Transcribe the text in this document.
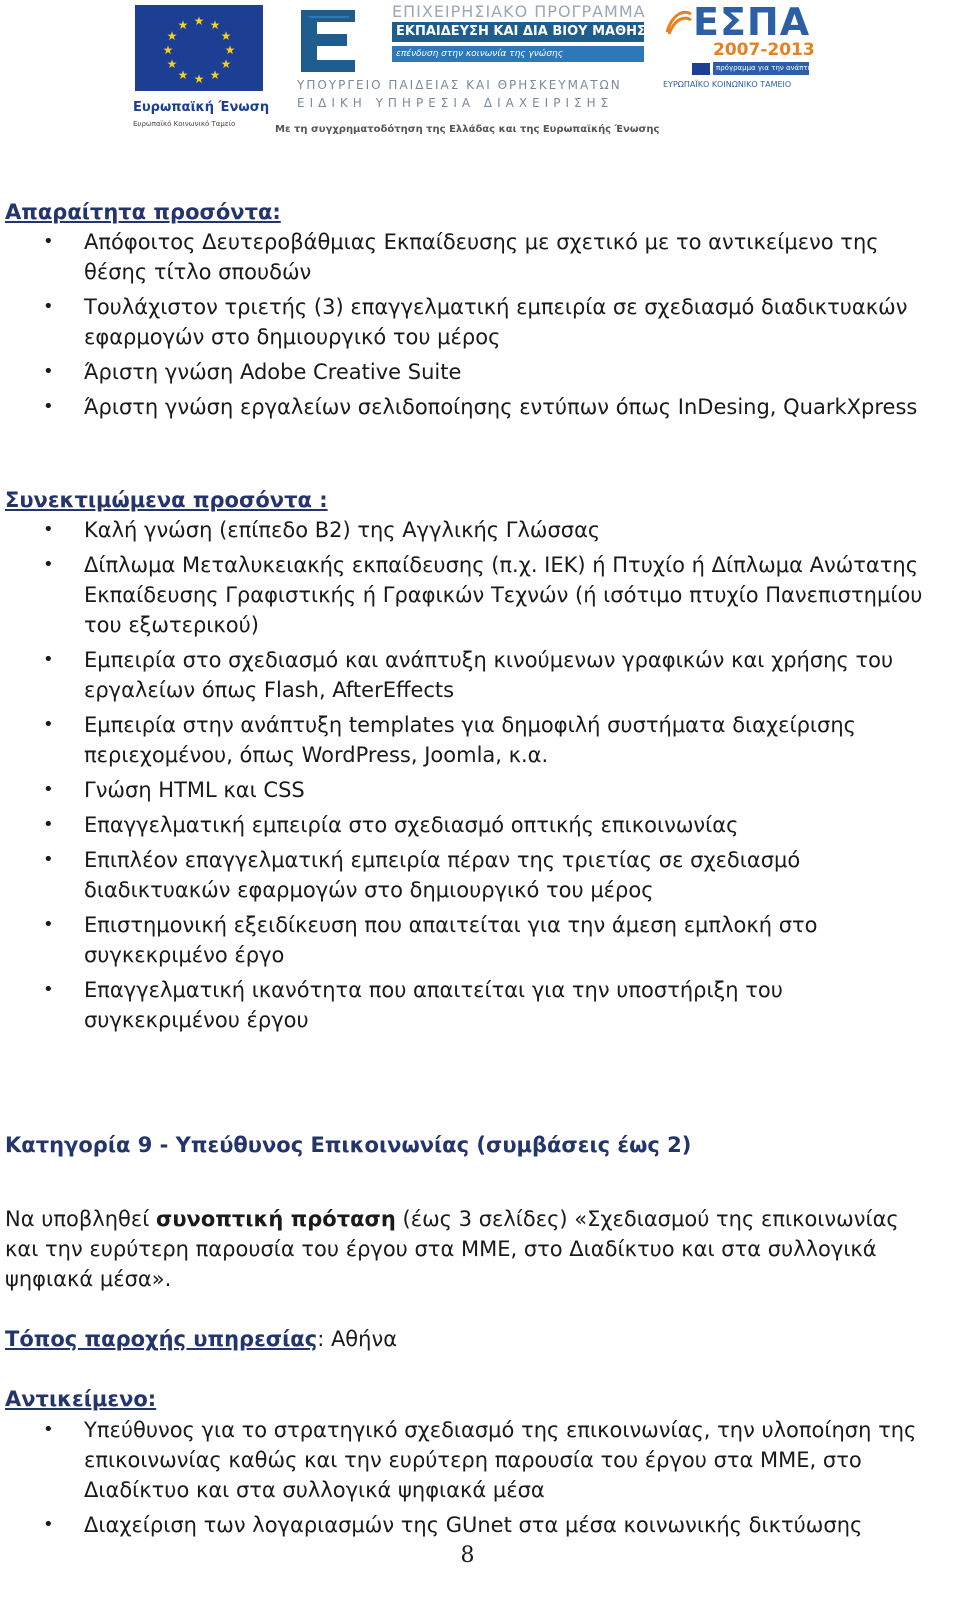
★ ★
★
★
★
★
★
★
★
★
★
★
Ευρωπαϊκή Ένωση
Ευρωπαϊκό Κοινωνικό Ταμείο
ΕΠΙΧΕΙΡΗΣΙΑΚΟ ΠΡΟΓΡΑΜΜΑ
ΕΚΠΑΙΔΕΥΣΗ ΚΑΙ ΔΙΑ ΒΙΟΥ ΜΑΘΗΣΗ
επένδυση στην κοινωνία της γνώσης
ΥΠΟΥΡΓΕΙΟ ΠΑΙΔΕΙΑΣ ΚΑΙ ΘΡΗΣΚΕΥΜΑΤΩΝ
ΕΙΔΙΚΗ ΥΠΗΡΕΣΙΑ ΔΙΑΧΕΙΡΙΣΗΣ
Με τη συγχρηματοδότηση της Ελλάδας και της Ευρωπαϊκής Ένωσης
ΕΣΠΑ
2007-2013
πρόγραμμα για την ανάπτυξη
ΕΥΡΩΠΑΪΚΟ ΚΟΙΝΩΝΙΚΟ ΤΑΜΕΙΟ
Απαραίτητα προσόντα:
• Απόφοιτος Δευτεροβάθμιας Εκπαίδευσης με σχετικό με το αντικείμενο της θέσης τίτλο σπουδών
• Τουλάχιστον τριετής (3) επαγγελματική εμπειρία σε σχεδιασμό διαδικτυακών εφαρμογών στο δημιουργικό του μέρος
• Άριστη γνώση Adobe Creative Suite
• Άριστη γνώση εργαλείων σελιδοποίησης εντύπων όπως InDesing, QuarkXpress
Συνεκτιμώμενα προσόντα :
• Καλή γνώση (επίπεδο Β2) της Αγγλικής Γλώσσας
• Δίπλωμα Μεταλυκειακής εκπαίδευσης (π.χ. ΙΕΚ) ή Πτυχίο ή Δίπλωμα Ανώτατης Εκπαίδευσης Γραφιστικής ή Γραφικών Τεχνών (ή ισότιμο πτυχίο Πανεπιστημίου του εξωτερικού)
• Εμπειρία στο σχεδιασμό και ανάπτυξη κινούμενων γραφικών και χρήσης του εργαλείων όπως Flash, AfterEffects
• Εμπειρία στην ανάπτυξη templates για δημοφιλή συστήματα διαχείρισης περιεχομένου, όπως WordPress, Joomla, κ.α.
• Γνώση HTML και CSS
• Επαγγελματική εμπειρία στο σχεδιασμό οπτικής επικοινωνίας
• Επιπλέον επαγγελματική εμπειρία πέραν της τριετίας σε σχεδιασμό διαδικτυακών εφαρμογών στο δημιουργικό του μέρος
• Επιστημονική εξειδίκευση που απαιτείται για την άμεση εμπλοκή στο συγκεκριμένο έργο
• Επαγγελματική ικανότητα που απαιτείται για την υποστήριξη του συγκεκριμένου έργου
Κατηγορία 9 - Υπεύθυνος Επικοινωνίας (συμβάσεις έως 2)
Να υποβληθεί συνοπτική πρόταση (έως 3 σελίδες) «Σχεδιασμού της επικοινωνίας και την ευρύτερη παρουσία του έργου στα ΜΜΕ, στο Διαδίκτυο και στα συλλογικά ψηφιακά μέσα».
Τόπος παροχής υπηρεσίας: Αθήνα
Αντικείμενο:
• Υπεύθυνος για το στρατηγικό σχεδιασμό της επικοινωνίας, την υλοποίηση της επικοινωνίας καθώς και την ευρύτερη παρουσία του έργου στα ΜΜΕ, στο Διαδίκτυο και στα συλλογικά ψηφιακά μέσα
• Διαχείριση των λογαριασμών της GUnet στα μέσα κοινωνικής δικτύωσης
8
